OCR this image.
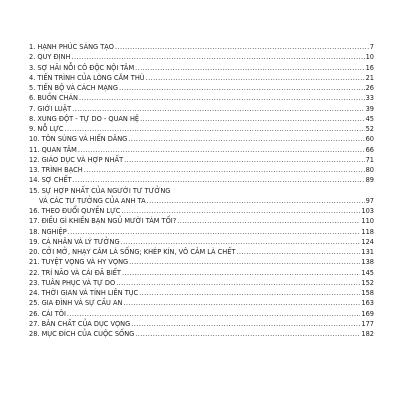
1. HẠNH PHÚC SÁNG TẠO .....	7
2. QUY ĐỊNH .....	10
3. SỢ HÃI NỖI CÔ ĐỘC NỘI TÂM .....	16
4. TIẾN TRÌNH CỦA LÒNG CĂM THÙ .....	21
5. TIẾN BỘ VÀ CÁCH MẠNG .....	26
6. BUỒN CHÁN .....	33
7. GIỚI LUẬT .....	39
8. XUNG ĐỘT - TỰ DO - QUAN HỆ .....	45
9. NỖ LỰC .....	52
10. TÔN SÙNG VÀ HIẾN DÂNG .....	60
11. QUAN TÂM .....	66
12. GIÁO DỤC VÀ HỢP NHẤT .....	71
13. TRÌNH BẠCH .....	80
14. SỢ CHẾT .....	89
15. SỰ HỢP NHẤT CỦA NGƯỜI TƯ TƯỞNG
VÀ CÁC TƯ TƯỞNG CỦA ANH TA .....	97
16. THEO ĐUỔI QUYỀN LỰC .....	103
17. ĐIỀU GÌ KHIẾN BẠN NGỦ MƯỜI TÁM TỐI? .....	110
18. NGHIỆP .....	118
19. CÁ NHÂN VÀ LÝ TƯỞNG .....	124
20. CỞI MỞ, NHẠY CẢM LÀ SỐNG; KHÉP KÍN, VÔ CẢM LÀ CHẾT .....	131
21. TUYỆT VỌNG VÀ HY VỌNG .....	138
22. TRÍ NÃO VÀ CÁI ĐÃ BIẾT .....	145
23. TUÂN PHỤC VÀ TỰ DO .....	152
24. THỜI GIAN VÀ TÍNH LIÊN TỤC .....	158
25. GIA ĐÌNH VÀ SỰ CẦU AN .....	163
26. CÁI TÔI .....	169
27. BẢN CHẤT CỦA DỤC VỌNG .....	177
28. MỤC ĐÍCH CỦA CUỘC SỐNG .....	182
